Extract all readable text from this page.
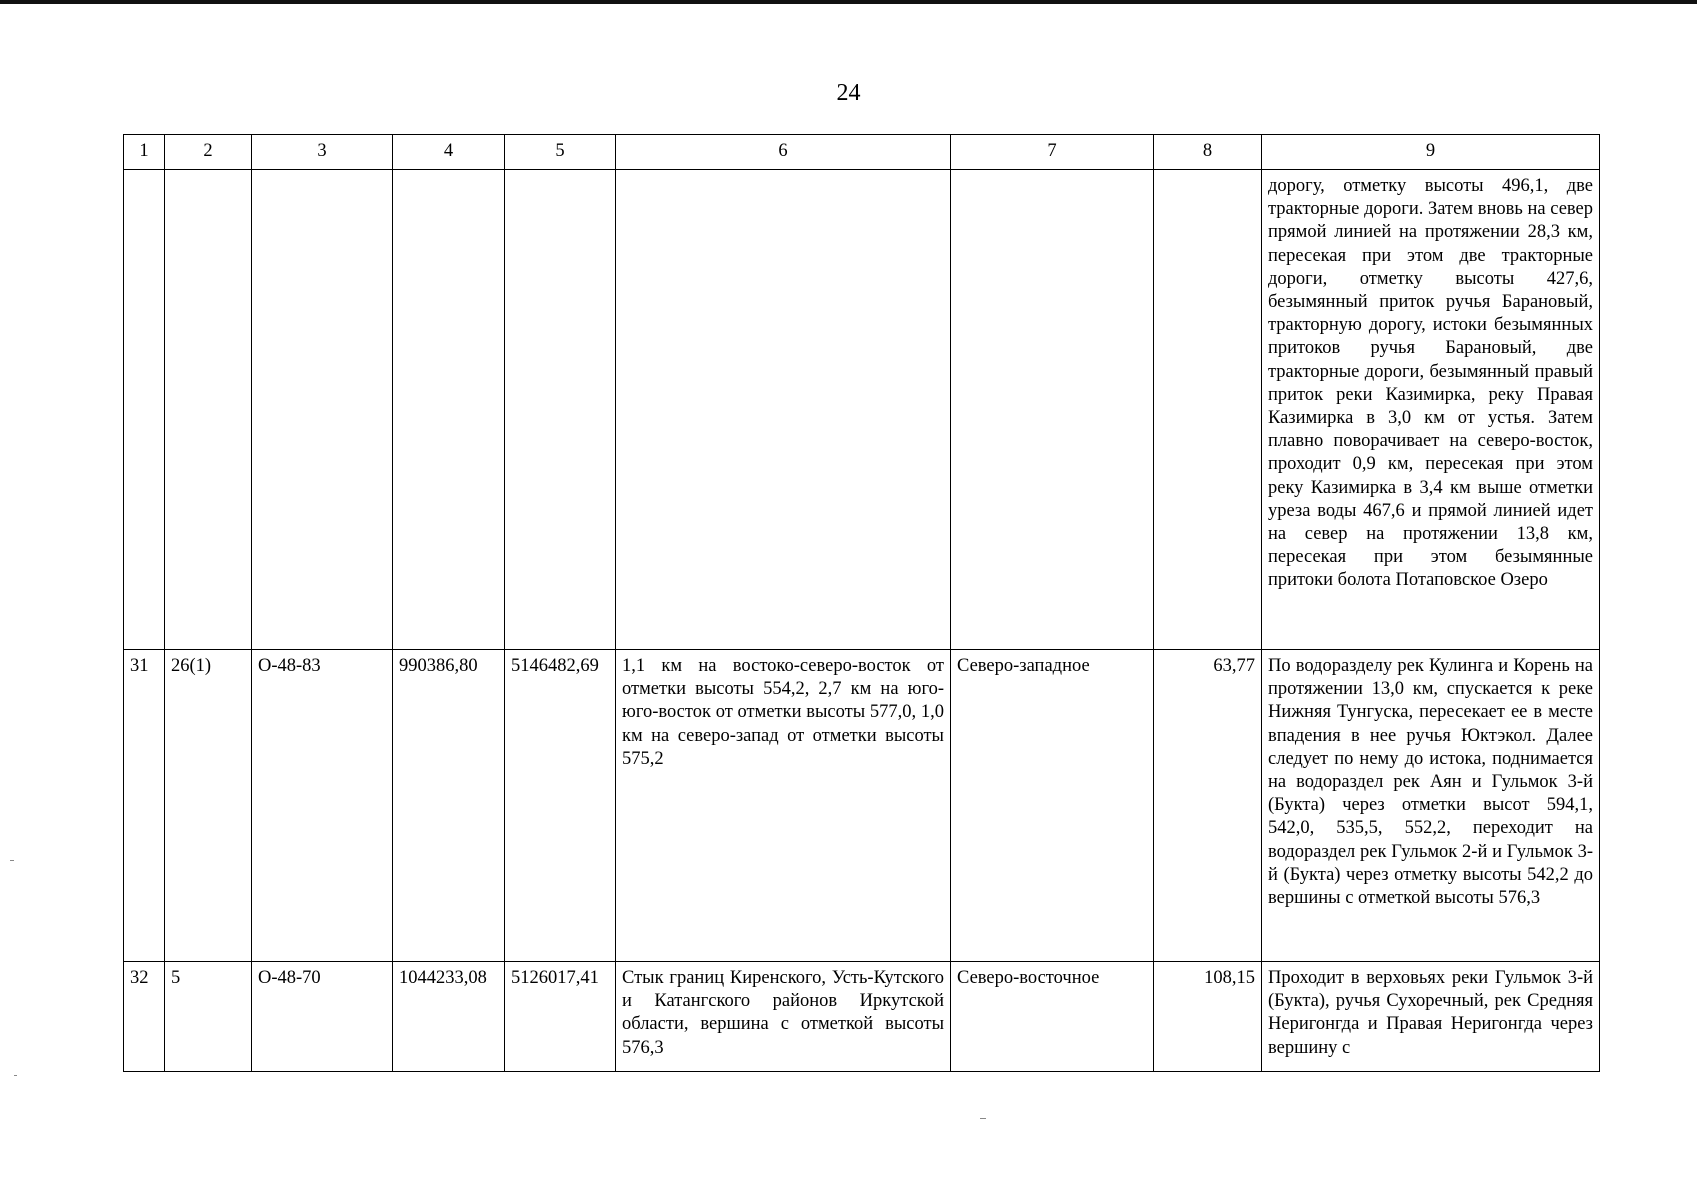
24
1	2	3	4	5	6	7	8	9
								дорогу, отметку высоты 496,1, две тракторные дороги. Затем вновь на север прямой линией на протяжении 28,3 км, пересекая при этом две тракторные дороги, отметку высоты 427,6, безымянный приток ручья Барановый, тракторную дорогу, истоки безымянных притоков ручья Барановый, две тракторные дороги, безымянный правый приток реки Казимирка, реку Правая Казимирка в 3,0 км от устья. Затем плавно поворачивает на северо-восток, проходит 0,9 км, пересекая при этом реку Казимирка в 3,4 км выше отметки уреза воды 467,6 и прямой линией идет на север на протяжении 13,8 км, пересекая при этом безымянные притоки болота Потаповское Озеро
31	26(1)	О-48-83	990386,80	5146482,69	1,1 км на востоко-северо-восток от отметки высоты 554,2, 2,7 км на юго-юго-восток от отметки высоты 577,0, 1,0 км на северо-запад от отметки высоты 575,2	Северо-западное	63,77	По водоразделу рек Кулинга и Корень на протяжении 13,0 км, спускается к реке Нижняя Тунгуска, пересекает ее в месте впадения в нее ручья Юктэкол. Далее следует по нему до истока, поднимается на водораздел рек Аян и Гульмок 3-й (Букта) через отметки высот 594,1, 542,0, 535,5, 552,2, переходит на водораздел рек Гульмок 2-й и Гульмок 3-й (Букта) через отметку высоты 542,2 до вершины с отметкой высоты 576,3
32	5	О-48-70	1044233,08	5126017,41	Стык границ Киренского, Усть-Кутского и Катангского районов Иркутской области, вершина с отметкой высоты 576,3	Северо-восточное	108,15	Проходит в верховьях реки Гульмок 3-й (Букта), ручья Сухоречный, рек Средняя Неригонгда и Правая Неригонгда через вершину с
